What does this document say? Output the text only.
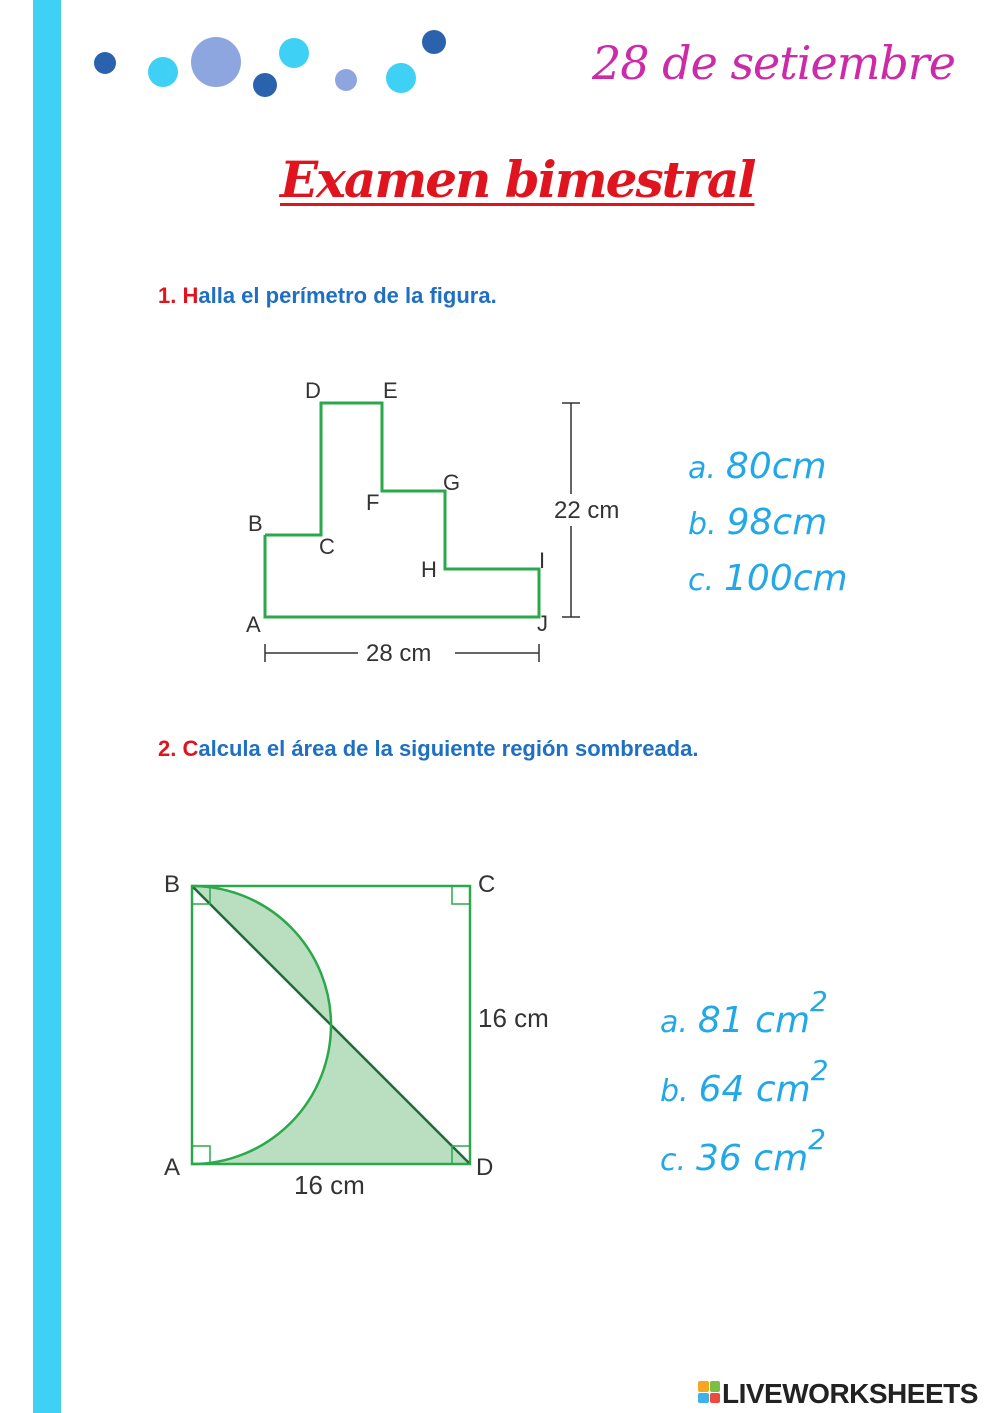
28 de setiembre
Examen bimestral
1. Halla el perímetro de la figura.
22 cm
28 cm
A
B
C
D	E
F
G
H	I
J
a. 80cm
b. 98cm
c. 100cm
2. Calcula el área de la siguiente región sombreada.
B	C
A	D
16 cm
16 cm
a. 81 $cm^2$
b. 64 $cm^2$
c. 36 $cm^2$
LIVEWORKSHEETS
